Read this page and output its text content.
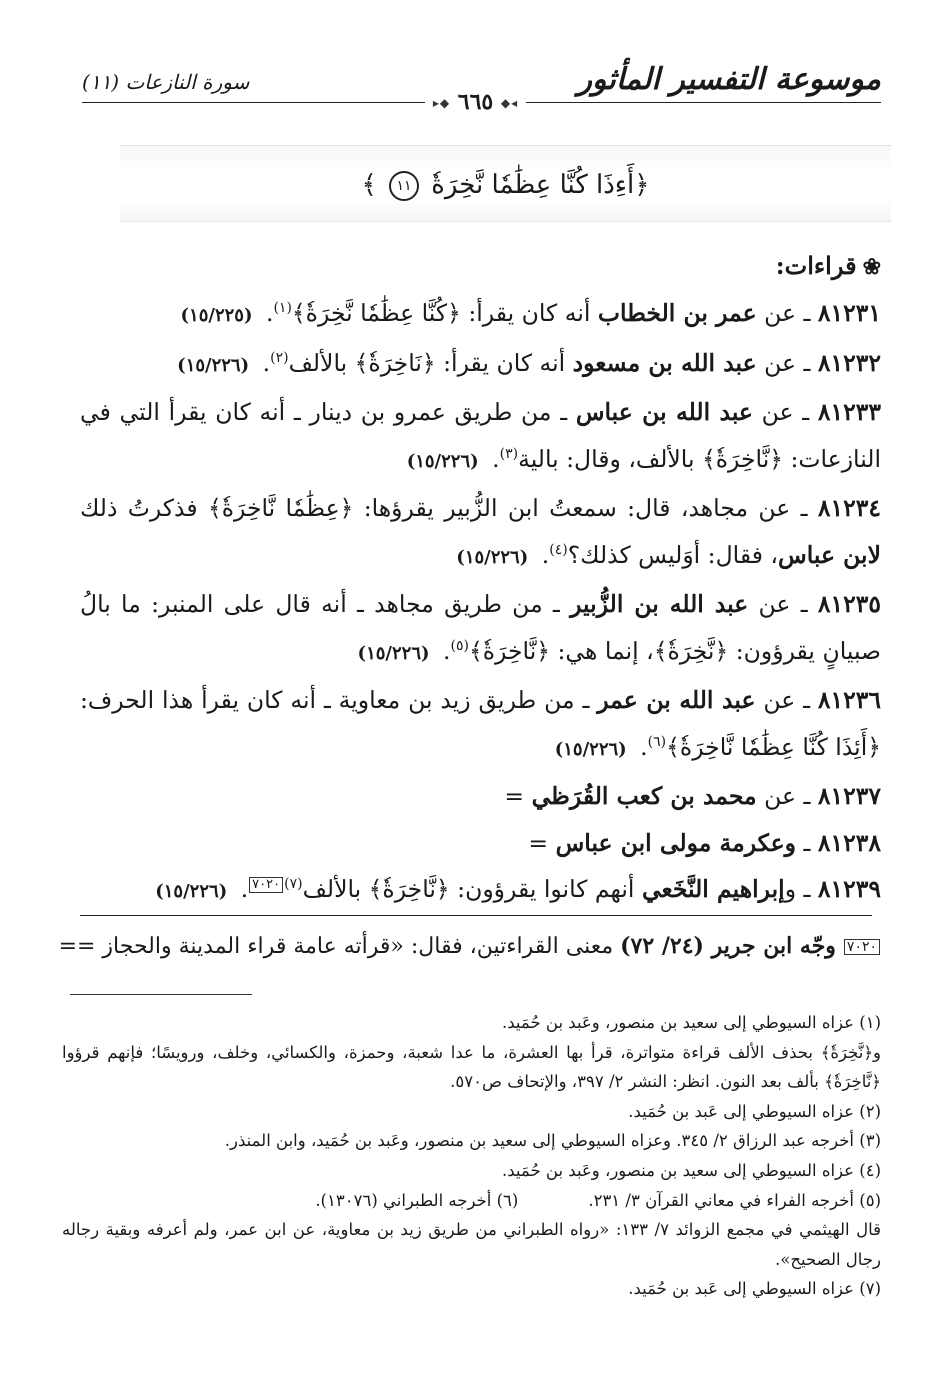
موسوعة التفسير المأثور
سورة النازعات (١١)
◂◆ ٦٦٥ ◆▸
﴿أَءِذَا كُنَّا عِظَٰمٗا نَّخِرَةٗ ١١ ﴾
❀قراءات:

٨١٢٣١ ـ عن عمر بن الخطاب أنه كان يقرأ: ﴿كُنَّا عِظَٰمٗا نَّخِرَةٗ﴾$^{(١)}$. (١٥/٢٢٥)

٨١٢٣٢ ـ عن عبد الله بن مسعود أنه كان يقرأ: ﴿نَاخِرَةٗ﴾ بالألف$^{(٢)}$. (١٥/٢٢٦)

٨١٢٣٣ ـ عن عبد الله بن عباس ـ من طريق عمرو بن دينار ـ أنه كان يقرأ التي في النازعات: ﴿نَّاخِرَةٗ﴾ بالألف، وقال: بالية$^{(٣)}$. (١٥/٢٢٦)

٨١٢٣٤ ـ عن مجاهد، قال: سمعتُ ابن الزُّبير يقرؤها: ﴿عِظَٰمٗا نَّاخِرَةٗ﴾ فذكرتُ ذلك لابن عباس، فقال: أوَليس كذلك؟$^{(٤)}$. (١٥/٢٢٦)

٨١٢٣٥ ـ عن عبد الله بن الزُّبير ـ من طريق مجاهد ـ أنه قال على المنبر: ما بالُ صبيانٍ يقرؤون: ﴿نَّخِرَةٗ﴾، إنما هي: ﴿نَّاخِرَةٗ﴾$^{(٥)}$. (١٥/٢٢٦)

٨١٢٣٦ ـ عن عبد الله بن عمر ـ من طريق زيد بن معاوية ـ أنه كان يقرأ هذا الحرف: ﴿أَئِذَا كُنَّا عِظَٰمٗا نَّاخِرَةٗ﴾$^{(٦)}$. (١٥/٢٢٦)

٨١٢٣٧ ـ عن محمد بن كعب القُرَظي =

٨١٢٣٨ ـ وعكرمة مولى ابن عباس =

٨١٢٣٩ ـ وإبراهيم النَّخَعي أنهم كانوا يقرؤون: ﴿نَّاخِرَةٗ﴾ بالألف$^{(٧)}$٧٠٢٠. (١٥/٢٢٦)

٧٠٢٠ وجّه ابن جرير (٢٤/ ٧٢) معنى القراءتين، فقال: «قرأته عامة قراء المدينة والحجاز ==

(١) عزاه السيوطي إلى سعيد بن منصور، وعَبد بن حُمَيد.

و﴿نَّخِرَةٗ﴾ بحذف الألف قراءة متواترة، قرأ بها العشرة، ما عدا شعبة، وحمزة، والكسائي، وخلف، ورويسًا؛ فإنهم قرؤوا ﴿نَّاخِرَةٗ﴾ بألف بعد النون. انظر: النشر ٢/ ٣٩٧، والإتحاف ص٥٧٠.

(٢) عزاه السيوطي إلى عَبد بن حُمَيد.

(٣) أخرجه عبد الرزاق ٢/ ٣٤٥. وعزاه السيوطي إلى سعيد بن منصور، وعَبد بن حُمَيد، وابن المنذر.

(٤) عزاه السيوطي إلى سعيد بن منصور، وعَبد بن حُمَيد.

(٥) أخرجه الفراء في معاني القرآن ٣/ ٢٣١.
(٦) أخرجه الطبراني (١٣٠٧٦).

قال الهيثمي في مجمع الزوائد ٧/ ١٣٣: «رواه الطبراني من طريق زيد بن معاوية، عن ابن عمر، ولم أعرفه وبقية رجاله رجال الصحيح».

(٧) عزاه السيوطي إلى عَبد بن حُمَيد.
